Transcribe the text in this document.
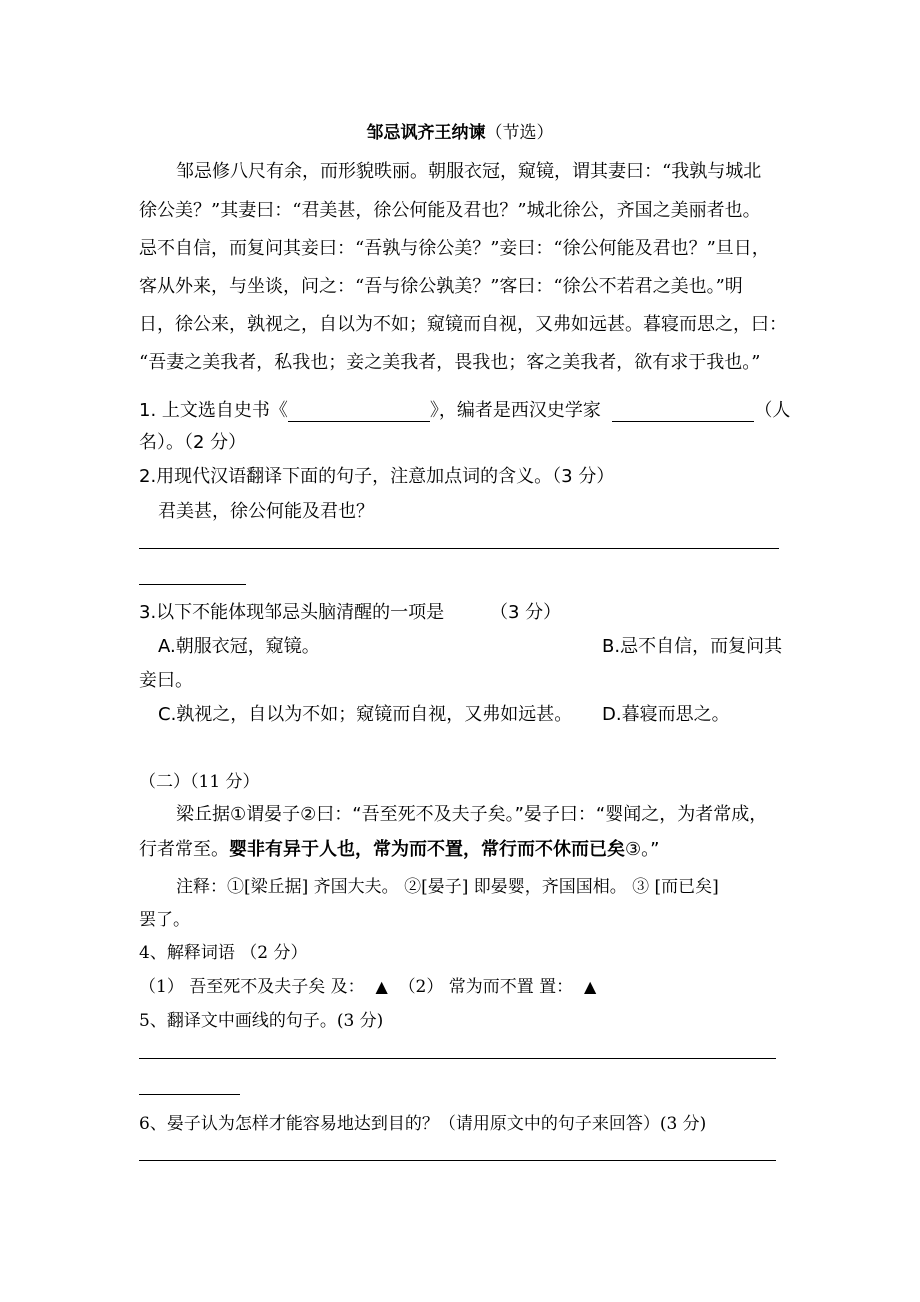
邹忌讽齐王纳谏（节选）
邹忌修八尺有余，而形貌昳丽。朝服衣冠，窥镜，谓其妻曰：“我孰与城北
徐公美？”其妻曰：“君美甚，徐公何能及君也？”城北徐公，齐国之美丽者也。
忌不自信，而复问其妾曰：“吾孰与徐公美？”妾曰：“徐公何能及君也？”旦日，
客从外来，与坐谈，问之：“吾与徐公孰美？”客曰：“徐公不若君之美也。”明
日，徐公来，孰视之，自以为不如；窥镜而自视，又弗如远甚。暮寝而思之，曰：
“吾妻之美我者，私我也；妾之美我者，畏我也；客之美我者，欲有求于我也。”
1. 上文选自史书《	》，编者是西汉史学家	（人
名）。（2 分）
2.用现代汉语翻译下面的句子，注意加点词的含义。（3 分）
君美甚，徐公何能及君也？
3.以下不能体现邹忌头脑清醒的一项是	（3 分）
A.朝服衣冠，窥镜。	B.忌不自信，而复问其
妾曰。
C.孰视之，自以为不如；窥镜而自视，又弗如远甚。 D.暮寝而思之。
（二）（11 分）
梁丘据①谓晏子②曰：“吾至死不及夫子矣。”晏子曰：“婴闻之，为者常成，
行者常至。婴非有异于人也，常为而不置，常行而不休而已矣③。”
注释：①[梁丘据] 齐国大夫。 ②[晏子] 即晏婴，齐国国相。 ③ [而已矣]
罢了。
4、解释词语 （2 分）
（1） 吾至死不及夫子矣 及： ▲ （2） 常为而不置 置： ▲
5、翻译文中画线的句子。(3 分)
6、晏子认为怎样才能容易地达到目的？（请用原文中的句子来回答）(3 分)
